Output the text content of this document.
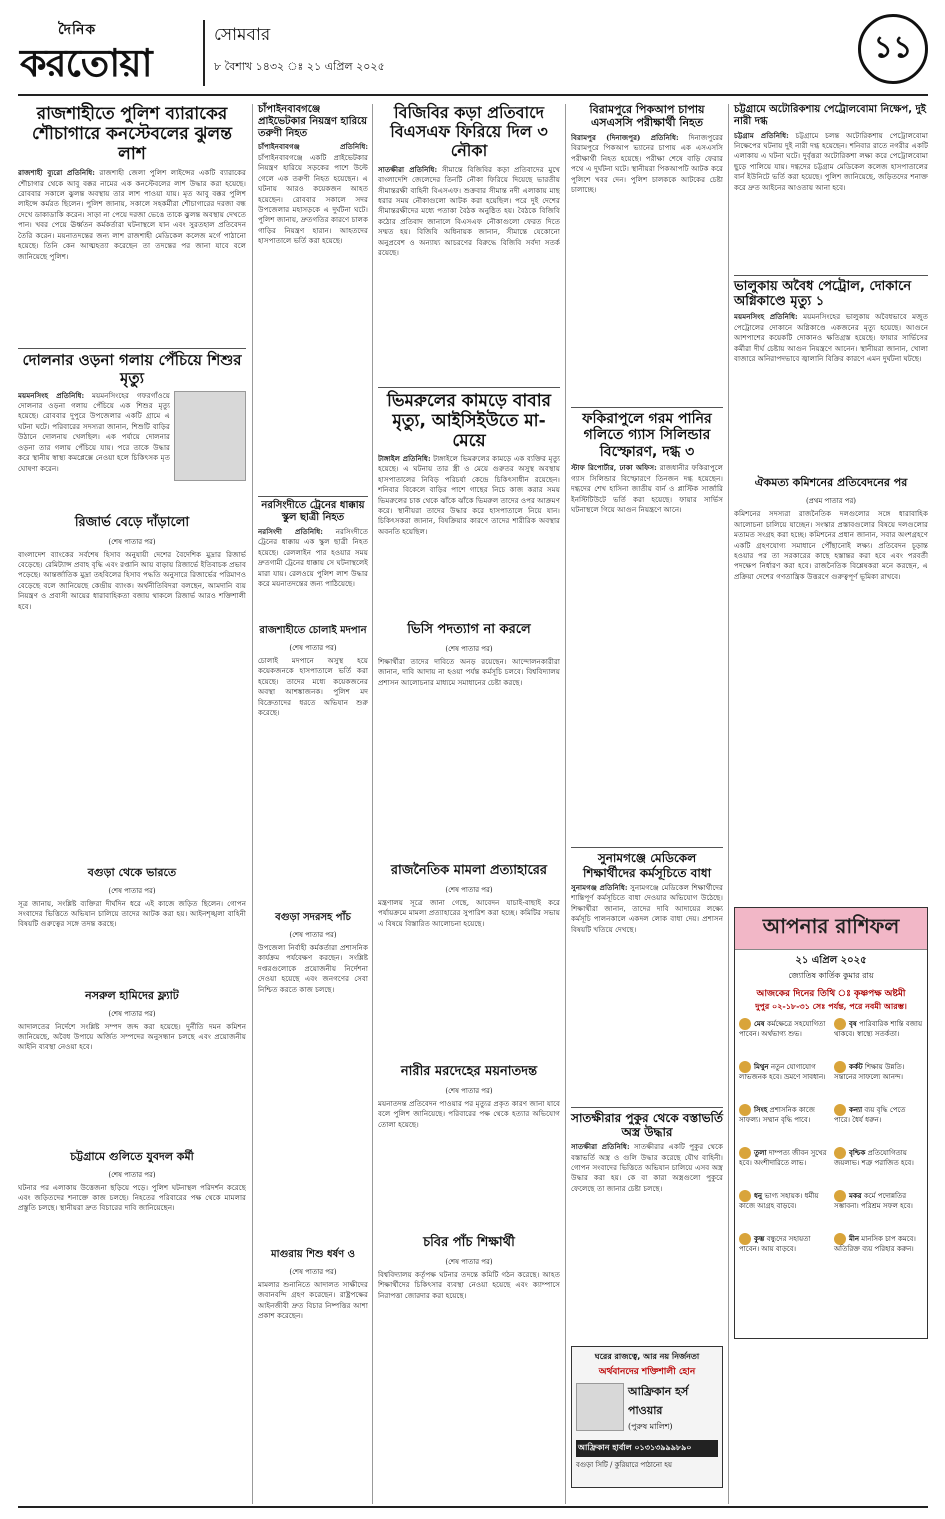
দৈনিক
করতোয়া
সোমবার
৮ বৈশাখ ১৪৩২ ঃ ২১ এপ্রিল ২০২৫
১১
রাজশাহীতে পুলিশ ব্যারাকের শৌচাগারে কনস্টেবলের ঝুলন্ত লাশ
রাজশাহী ব্যুরো প্রতিনিধি: রাজশাহী জেলা পুলিশ লাইন্সের একটি ব্যারাকের শৌচাগার থেকে আবু বক্কর নামের এক কনস্টেবলের লাশ উদ্ধার করা হয়েছে। রোববার সকালে ঝুলন্ত অবস্থায় তার লাশ পাওয়া যায়। মৃত আবু বক্কর পুলিশ লাইন্সে কর্মরত ছিলেন। পুলিশ জানায়, সকালে সহকর্মীরা শৌচাগারের দরজা বন্ধ দেখে ডাকাডাকি করেন। সাড়া না পেয়ে দরজা ভেঙে তাকে ঝুলন্ত অবস্থায় দেখতে পান। খবর পেয়ে ঊর্ধ্বতন কর্মকর্তারা ঘটনাস্থলে যান এবং সুরতহাল প্রতিবেদন তৈরি করেন। ময়নাতদন্তের জন্য লাশ রাজশাহী মেডিকেল কলেজ মর্গে পাঠানো হয়েছে। তিনি কেন আত্মহত্যা করেছেন তা তদন্তের পর জানা যাবে বলে জানিয়েছে পুলিশ।
দোলনার ওড়না গলায় পেঁচিয়ে শিশুর মৃত্যু
ময়মনসিংহ প্রতিনিধি: ময়মনসিংহের গফরগাঁওয়ে দোলনার ওড়না গলায় পেঁচিয়ে এক শিশুর মৃত্যু হয়েছে। রোববার দুপুরে উপজেলার একটি গ্রামে এ ঘটনা ঘটে। পরিবারের সদস্যরা জানান, শিশুটি বাড়ির উঠানে দোলনায় খেলছিল। এক পর্যায়ে দোলনার ওড়না তার গলায় পেঁচিয়ে যায়। পরে তাকে উদ্ধার করে স্থানীয় স্বাস্থ্য কমপ্লেক্সে নেওয়া হলে চিকিৎসক মৃত ঘোষণা করেন।
রিজার্ভ বেড়ে দাঁড়ালো
(শেষ পাতার পর)
বাংলাদেশ ব্যাংকের সর্বশেষ হিসাব অনুযায়ী দেশের বৈদেশিক মুদ্রার রিজার্ভ বেড়েছে। রেমিট্যান্স প্রবাহ বৃদ্ধি এবং রপ্তানি আয় বাড়ায় রিজার্ভে ইতিবাচক প্রভাব পড়েছে। আন্তর্জাতিক মুদ্রা তহবিলের হিসাব পদ্ধতি অনুসারে রিজার্ভের পরিমাণও বেড়েছে বলে জানিয়েছে কেন্দ্রীয় ব্যাংক। অর্থনীতিবিদরা বলছেন, আমদানি ব্যয় নিয়ন্ত্রণ ও প্রবাসী আয়ের ধারাবাহিকতা বজায় থাকলে রিজার্ভ আরও শক্তিশালী হবে।
বগুড়া থেকে ভারতে
(শেষ পাতার পর)
সূত্র জানায়, সংশ্লিষ্ট ব্যক্তিরা দীর্ঘদিন ধরে এই কাজে জড়িত ছিলেন। গোপন সংবাদের ভিত্তিতে অভিযান চালিয়ে তাদের আটক করা হয়। আইনশৃঙ্খলা বাহিনী বিষয়টি গুরুত্বের সঙ্গে তদন্ত করছে।
নসরুল হামিদের ফ্ল্যাট
(শেষ পাতার পর)
আদালতের নির্দেশে সংশ্লিষ্ট সম্পদ জব্দ করা হয়েছে। দুর্নীতি দমন কমিশন জানিয়েছে, অবৈধ উপায়ে অর্জিত সম্পদের অনুসন্ধান চলছে এবং প্রয়োজনীয় আইনি ব্যবস্থা নেওয়া হবে।
চট্টগ্রামে গুলিতে যুবদল কর্মী
(শেষ পাতার পর)
ঘটনার পর এলাকায় উত্তেজনা ছড়িয়ে পড়ে। পুলিশ ঘটনাস্থল পরিদর্শন করেছে এবং জড়িতদের শনাক্তে কাজ চলছে। নিহতের পরিবারের পক্ষ থেকে মামলার প্রস্তুতি চলছে। স্থানীয়রা দ্রুত বিচারের দাবি জানিয়েছেন।
চাঁপাইনবাবগঞ্জে প্রাইভেটকার নিয়ন্ত্রণ হারিয়ে তরুণী নিহত
চাঁপাইনবাবগঞ্জ প্রতিনিধি: চাঁপাইনবাবগঞ্জে একটি প্রাইভেটকার নিয়ন্ত্রণ হারিয়ে সড়কের পাশে উল্টে গেলে এক তরুণী নিহত হয়েছেন। এ ঘটনায় আরও কয়েকজন আহত হয়েছেন। রোববার সকালে সদর উপজেলার মহাসড়কে এ দুর্ঘটনা ঘটে। পুলিশ জানায়, দ্রুতগতির কারণে চালক গাড়ির নিয়ন্ত্রণ হারান। আহতদের হাসপাতালে ভর্তি করা হয়েছে।
নরসিংদীতে ট্রেনের ধাক্কায় স্কুল ছাত্রী নিহত
নরসিংদী প্রতিনিধি: নরসিংদীতে ট্রেনের ধাক্কায় এক স্কুল ছাত্রী নিহত হয়েছে। রেললাইন পার হওয়ার সময় দ্রুতগামী ট্রেনের ধাক্কায় সে ঘটনাস্থলেই মারা যায়। রেলওয়ে পুলিশ লাশ উদ্ধার করে ময়নাতদন্তের জন্য পাঠিয়েছে।
রাজশাহীতে চোলাই মদপান
(শেষ পাতার পর)
চোলাই মদপানে অসুস্থ হয়ে কয়েকজনকে হাসপাতালে ভর্তি করা হয়েছে। তাদের মধ্যে কয়েকজনের অবস্থা আশঙ্কাজনক। পুলিশ মদ বিক্রেতাদের ধরতে অভিযান শুরু করেছে।
বগুড়া সদরসহ পাঁচ
(শেষ পাতার পর)
উপজেলা নির্বাহী কর্মকর্তারা প্রশাসনিক কার্যক্রম পর্যবেক্ষণ করছেন। সংশ্লিষ্ট দপ্তরগুলোকে প্রয়োজনীয় নির্দেশনা দেওয়া হয়েছে এবং জনগণের সেবা নিশ্চিত করতে কাজ চলছে।
মাগুরায় শিশু ধর্ষণ ও
(শেষ পাতার পর)
মামলার শুনানিতে আদালত সাক্ষীদের জবানবন্দি গ্রহণ করেছেন। রাষ্ট্রপক্ষের আইনজীবী দ্রুত বিচার নিষ্পত্তির আশা প্রকাশ করেছেন।
বিজিবির কড়া প্রতিবাদে বিএসএফ ফিরিয়ে দিল ৩ নৌকা
সাতক্ষীরা প্রতিনিধি: সীমান্তে বিজিবির কড়া প্রতিবাদের মুখে বাংলাদেশি জেলেদের তিনটি নৌকা ফিরিয়ে দিয়েছে ভারতীয় সীমান্তরক্ষী বাহিনী বিএসএফ। শুক্রবার সীমান্ত নদী এলাকায় মাছ ধরার সময় নৌকাগুলো আটক করা হয়েছিল। পরে দুই দেশের সীমান্তরক্ষীদের মধ্যে পতাকা বৈঠক অনুষ্ঠিত হয়। বৈঠকে বিজিবি কঠোর প্রতিবাদ জানালে বিএসএফ নৌকাগুলো ফেরত দিতে সম্মত হয়। বিজিবি অধিনায়ক জানান, সীমান্তে যেকোনো অনুপ্রবেশ ও অন্যায্য আচরণের বিরুদ্ধে বিজিবি সর্বদা সতর্ক রয়েছে।
ভিমরুলের কামড়ে বাবার মৃত্যু, আইসিইউতে মা-মেয়ে
টাঙ্গাইল প্রতিনিধি: টাঙ্গাইলে ভিমরুলের কামড়ে এক ব্যক্তির মৃত্যু হয়েছে। এ ঘটনায় তার স্ত্রী ও মেয়ে গুরুতর অসুস্থ অবস্থায় হাসপাতালের নিবিড় পরিচর্যা কেন্দ্রে চিকিৎসাধীন রয়েছেন। শনিবার বিকেলে বাড়ির পাশে গাছের নিচে কাজ করার সময় ভিমরুলের চাক থেকে ঝাঁকে ঝাঁকে ভিমরুল তাদের ওপর আক্রমণ করে। স্থানীয়রা তাদের উদ্ধার করে হাসপাতালে নিয়ে যান। চিকিৎসকরা জানান, বিষক্রিয়ার কারণে তাদের শারীরিক অবস্থার অবনতি হয়েছিল।
ভিসি পদত্যাগ না করলে
(শেষ পাতার পর)
শিক্ষার্থীরা তাদের দাবিতে অনড় রয়েছেন। আন্দোলনকারীরা জানান, দাবি আদায় না হওয়া পর্যন্ত কর্মসূচি চলবে। বিশ্ববিদ্যালয় প্রশাসন আলোচনার মাধ্যমে সমাধানের চেষ্টা করছে।
রাজনৈতিক মামলা প্রত্যাহারের
(শেষ পাতার পর)
মন্ত্রণালয় সূত্রে জানা গেছে, আবেদন যাচাই-বাছাই করে পর্যায়ক্রমে মামলা প্রত্যাহারের সুপারিশ করা হচ্ছে। কমিটির সভায় এ বিষয়ে বিস্তারিত আলোচনা হয়েছে।
নারীর মরদেহের ময়নাতদন্ত
(শেষ পাতার পর)
ময়নাতদন্ত প্রতিবেদন পাওয়ার পর মৃত্যুর প্রকৃত কারণ জানা যাবে বলে পুলিশ জানিয়েছে। পরিবারের পক্ষ থেকে হত্যার অভিযোগ তোলা হয়েছে।
চবির পাঁচ শিক্ষার্থী
(শেষ পাতার পর)
বিশ্ববিদ্যালয় কর্তৃপক্ষ ঘটনার তদন্তে কমিটি গঠন করেছে। আহত শিক্ষার্থীদের চিকিৎসার ব্যবস্থা নেওয়া হয়েছে এবং ক্যাম্পাসে নিরাপত্তা জোরদার করা হয়েছে।
বিরামপুরে পিকআপ চাপায় এসএসসি পরীক্ষার্থী নিহত
বিরামপুর (দিনাজপুর) প্রতিনিধি: দিনাজপুরের বিরামপুরে পিকআপ ভ্যানের চাপায় এক এসএসসি পরীক্ষার্থী নিহত হয়েছে। পরীক্ষা শেষে বাড়ি ফেরার পথে এ দুর্ঘটনা ঘটে। স্থানীয়রা পিকআপটি আটক করে পুলিশে খবর দেন। পুলিশ চালককে আটকের চেষ্টা চালাচ্ছে।
ফকিরাপুলে গরম পানির গলিতে গ্যাস সিলিন্ডার বিস্ফোরণ, দগ্ধ ৩
স্টাফ রিপোর্টার, ঢাকা অফিস: রাজধানীর ফকিরাপুলে গ্যাস সিলিন্ডার বিস্ফোরণে তিনজন দগ্ধ হয়েছেন। দগ্ধদের শেখ হাসিনা জাতীয় বার্ন ও প্লাস্টিক সার্জারি ইনস্টিটিউটে ভর্তি করা হয়েছে। ফায়ার সার্ভিস ঘটনাস্থলে গিয়ে আগুন নিয়ন্ত্রণে আনে।
সুনামগঞ্জে মেডিকেল শিক্ষার্থীদের কর্মসূচিতে বাধা
সুনামগঞ্জ প্রতিনিধি: সুনামগঞ্জে মেডিকেল শিক্ষার্থীদের শান্তিপূর্ণ কর্মসূচিতে বাধা দেওয়ার অভিযোগ উঠেছে। শিক্ষার্থীরা জানান, তাদের দাবি আদায়ের লক্ষ্যে কর্মসূচি পালনকালে একদল লোক বাধা দেয়। প্রশাসন বিষয়টি খতিয়ে দেখছে।
সাতক্ষীরার পুকুর থেকে বস্তাভর্তি অস্ত্র উদ্ধার
সাতক্ষীরা প্রতিনিধি: সাতক্ষীরার একটি পুকুর থেকে বস্তাভর্তি অস্ত্র ও গুলি উদ্ধার করেছে যৌথ বাহিনী। গোপন সংবাদের ভিত্তিতে অভিযান চালিয়ে এসব অস্ত্র উদ্ধার করা হয়। কে বা কারা অস্ত্রগুলো পুকুরে ফেলেছে তা জানার চেষ্টা চলছে।
ঘরের রাজত্বে, আর নয় নির্জনতা
অর্থবানদের শক্তিশালী হোন
আফ্রিকান হর্স পাওয়ার
(পুরুষ মালিশ)
আফ্রিকান হার্বাল ০১৩১৩৯৯৯৮৯০
বগুড়া সিটি / কুরিয়ারে পাঠানো হয়
চট্টগ্রামে অটোরিকশায় পেট্রোলবোমা নিক্ষেপ, দুই নারী দগ্ধ
চট্টগ্রাম প্রতিনিধি: চট্টগ্রামে চলন্ত অটোরিকশায় পেট্রোলবোমা নিক্ষেপের ঘটনায় দুই নারী দগ্ধ হয়েছেন। শনিবার রাতে নগরীর একটি এলাকায় এ ঘটনা ঘটে। দুর্বৃত্তরা অটোরিকশা লক্ষ্য করে পেট্রোলবোমা ছুড়ে পালিয়ে যায়। দগ্ধদের চট্টগ্রাম মেডিকেল কলেজ হাসপাতালের বার্ন ইউনিটে ভর্তি করা হয়েছে। পুলিশ জানিয়েছে, জড়িতদের শনাক্ত করে দ্রুত আইনের আওতায় আনা হবে।
ভালুকায় অবৈধ পেট্রোল, দোকানে অগ্নিকাণ্ডে মৃত্যু ১
ময়মনসিংহ প্রতিনিধি: ময়মনসিংহের ভালুকায় অবৈধভাবে মজুত পেট্রোলের দোকানে অগ্নিকাণ্ডে একজনের মৃত্যু হয়েছে। আগুনে আশপাশের কয়েকটি দোকানও ক্ষতিগ্রস্ত হয়েছে। ফায়ার সার্ভিসের কর্মীরা দীর্ঘ চেষ্টায় আগুন নিয়ন্ত্রণে আনেন। স্থানীয়রা জানান, খোলা বাজারে অনিরাপদভাবে জ্বালানি বিক্রির কারণে এমন দুর্ঘটনা ঘটছে।
ঐকমত্য কমিশনের প্রতিবেদনের পর
(প্রথম পাতার পর)
কমিশনের সদস্যরা রাজনৈতিক দলগুলোর সঙ্গে ধারাবাহিক আলোচনা চালিয়ে যাচ্ছেন। সংস্কার প্রস্তাবগুলোর বিষয়ে দলগুলোর মতামত সংগ্রহ করা হচ্ছে। কমিশনের প্রধান জানান, সবার অংশগ্রহণে একটি গ্রহণযোগ্য সমাধানে পৌঁছানোই লক্ষ্য। প্রতিবেদন চূড়ান্ত হওয়ার পর তা সরকারের কাছে হস্তান্তর করা হবে এবং পরবর্তী পদক্ষেপ নির্ধারণ করা হবে। রাজনৈতিক বিশ্লেষকরা মনে করছেন, এ প্রক্রিয়া দেশের গণতান্ত্রিক উত্তরণে গুরুত্বপূর্ণ ভূমিকা রাখবে।
আপনার রাশিফল
২১ এপ্রিল ২০২৫
জ্যোতিষ কার্তিক কুমার রায়
আজকের দিনের তিথি ঃ কৃষ্ণপক্ষ অষ্টমী
দুপুর ০২-১৮-৩১ সেঃ পর্যন্ত, পরে নবমী আরম্ভ।
মেষ কর্মক্ষেত্রে সহযোগিতা পাবেন। অর্থভাগ্য শুভ।
বৃষ পারিবারিক শান্তি বজায় থাকবে। স্বাস্থ্যে সতর্কতা।
মিথুন নতুন যোগাযোগ লাভজনক হবে। ভ্রমণে সাবধান।
কর্কট শিক্ষায় উন্নতি। সন্তানের সাফল্যে আনন্দ।
সিংহ প্রশাসনিক কাজে সাফল্য। সম্মান বৃদ্ধি পাবে।
কন্যা ব্যয় বৃদ্ধি পেতে পারে। ধৈর্য ধরুন।
তুলা দাম্পত্য জীবন সুখের হবে। অংশীদারিতে লাভ।
বৃশ্চিক প্রতিযোগিতায় জয়লাভ। শত্রু পরাজিত হবে।
ধনু ভাগ্য সহায়ক। ধর্মীয় কাজে আগ্রহ বাড়বে।
মকর কর্মে পদোন্নতির সম্ভাবনা। পরিশ্রম সফল হবে।
কুম্ভ বন্ধুদের সহায়তা পাবেন। আয় বাড়বে।
মীন মানসিক চাপ কমবে। অতিরিক্ত ব্যয় পরিহার করুন।
